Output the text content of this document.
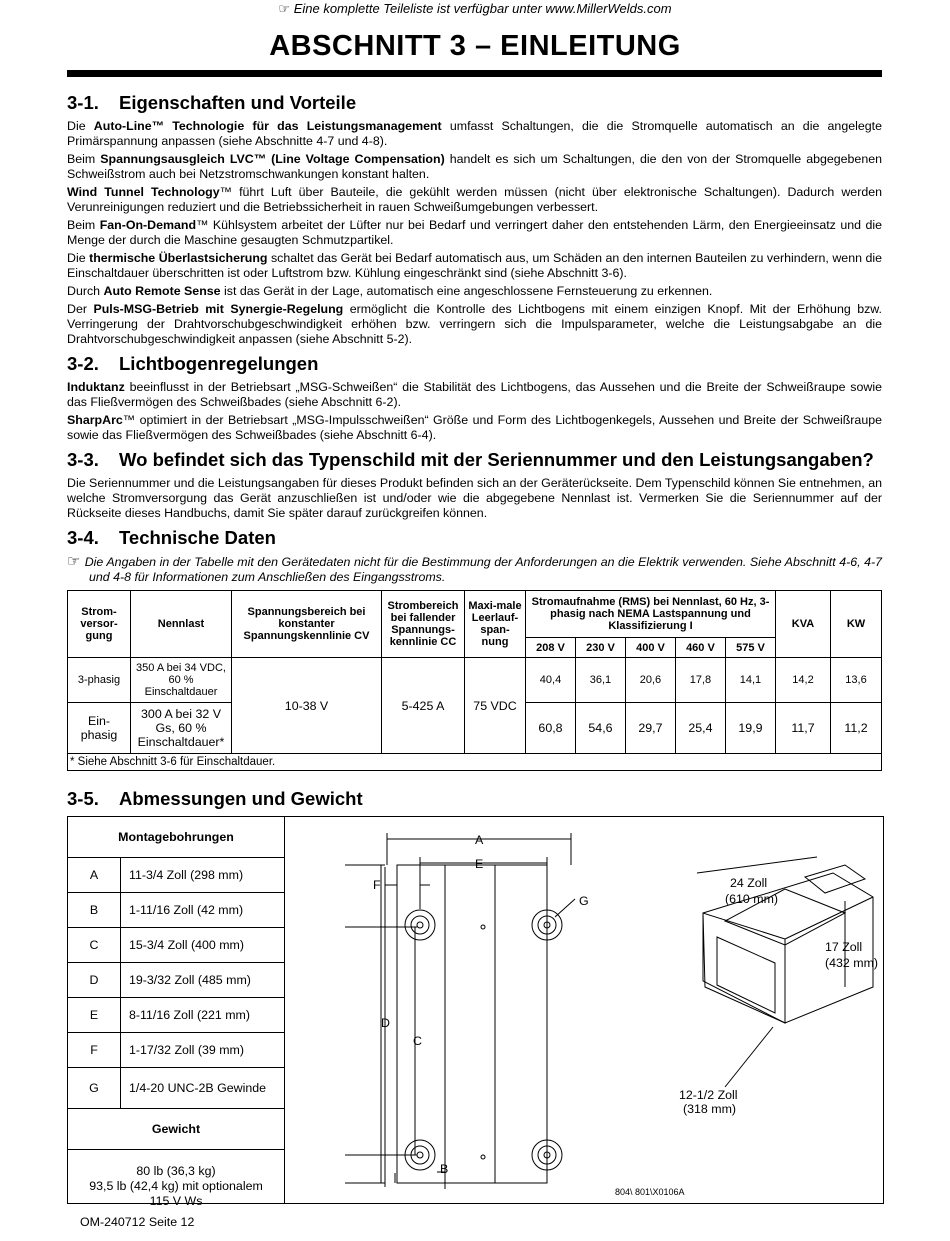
☞ Eine komplette Teileliste ist verfügbar unter www.MillerWelds.com
ABSCHNITT 3 – EINLEITUNG
3-1. Eigenschaften und Vorteile

Die Auto-Line™ Technologie für das Leistungsmanagement umfasst Schaltungen, die die Stromquelle automatisch an die angelegte Primärspannung anpassen (siehe Abschnitte 4-7 und 4-8).

Beim Spannungsausgleich LVC™ (Line Voltage Compensation) handelt es sich um Schaltungen, die den von der Stromquelle abgegebenen Schweißstrom auch bei Netzstromschwankungen konstant halten.

Wind Tunnel Technology™ führt Luft über Bauteile, die gekühlt werden müssen (nicht über elektronische Schaltungen). Dadurch werden Verunreinigungen reduziert und die Betriebssicherheit in rauen Schweißumgebungen verbessert.

Beim Fan-On-Demand™ Kühlsystem arbeitet der Lüfter nur bei Bedarf und verringert daher den entstehenden Lärm, den Energieeinsatz und die Menge der durch die Maschine gesaugten Schmutzpartikel.

Die thermische Überlastsicherung schaltet das Gerät bei Bedarf automatisch aus, um Schäden an den internen Bauteilen zu verhindern, wenn die Einschaltdauer überschritten ist oder Luftstrom bzw. Kühlung eingeschränkt sind (siehe Abschnitt 3-6).

Durch Auto Remote Sense ist das Gerät in der Lage, automatisch eine angeschlossene Fernsteuerung zu erkennen.

Der Puls-MSG-Betrieb mit Synergie-Regelung ermöglicht die Kontrolle des Lichtbogens mit einem einzigen Knopf. Mit der Erhöhung bzw. Verringerung der Drahtvorschubgeschwindigkeit erhöhen bzw. verringern sich die Impulsparameter, welche die Leistungsabgabe an die Drahtvorschubgeschwindigkeit anpassen (siehe Abschnitt 5-2).

3-2. Lichtbogenregelungen

Induktanz beeinflusst in der Betriebsart „MSG-Schweißen“ die Stabilität des Lichtbogens, das Aussehen und die Breite der Schweißraupe sowie das Fließvermögen des Schweißbades (siehe Abschnitt 6-2).

SharpArc™ optimiert in der Betriebsart „MSG-Impulsschweißen“ Größe und Form des Lichtbogenkegels, Aussehen und Breite der Schweißraupe sowie das Fließvermögen des Schweißbades (siehe Abschnitt 6-4).

3-3. Wo befindet sich das Typenschild mit der Seriennummer und den Leistungsangaben?

Die Seriennummer und die Leistungsangaben für dieses Produkt befinden sich an der Geräterückseite. Dem Typenschild können Sie entnehmen, an welche Stromversorgung das Gerät anzuschließen ist und/oder wie die abgegebene Nennlast ist. Vermerken Sie die Seriennummer auf der Rückseite dieses Handbuchs, damit Sie später darauf zurückgreifen können.

3-4. Technische Daten

☞ Die Angaben in der Tabelle mit den Gerätedaten nicht für die Bestimmung der Anforderungen an die Elektrik verwenden. Siehe Abschnitt 4-6, 4-7 und 4-8 für Informationen zum Anschließen des Eingangsstroms.

Strom-versor-gung	Nennlast	Spannungsbereich bei konstanter Spannungskennlinie CV	Strombereich bei fallender Spannungs-kennlinie CC	Maxi-male Leerlauf-span-nung	Stromaufnahme (RMS) bei Nennlast, 60 Hz, 3-phasig nach NEMA Lastspannung und Klassifizierung I					KVA	KW
					208 V	230 V	400 V	460 V	575 V		
3-phasig	350 A bei 34 VDC, 60 % Einschaltdauer	10-38 V	5-425 A	75 VDC	40,4	36,1	20,6	17,8	14,1	14,2	13,6
Ein-phasig	300 A bei 32 V Gs, 60 % Einschaltdauer*				60,8	54,6	29,7	25,4	19,9	11,7	11,2
* Siehe Abschnitt 3-6 für Einschaltdauer.											
3-5. Abmessungen und Gewicht
Montagebohrungen	
A	11-3/4 Zoll (298 mm)
B	1-11/16 Zoll (42 mm)
C	15-3/4 Zoll (400 mm)
D	19-3/32 Zoll (485 mm)
E	8-11/16 Zoll (221 mm)
F	1-17/32 Zoll (39 mm)
G	1/4-20 UNC-2B Gewinde
Gewicht	

80 lb (36,3 kg)
93,5 lb (42,4 kg) mit optionalem
115 V Ws	
A
E
F
G
D
C
B
24 Zoll
(610 mm)
17 Zoll
(432 mm)
12-1/2 Zoll
(318 mm)
804\ 801\X0106A
OM-240712 Seite 12
